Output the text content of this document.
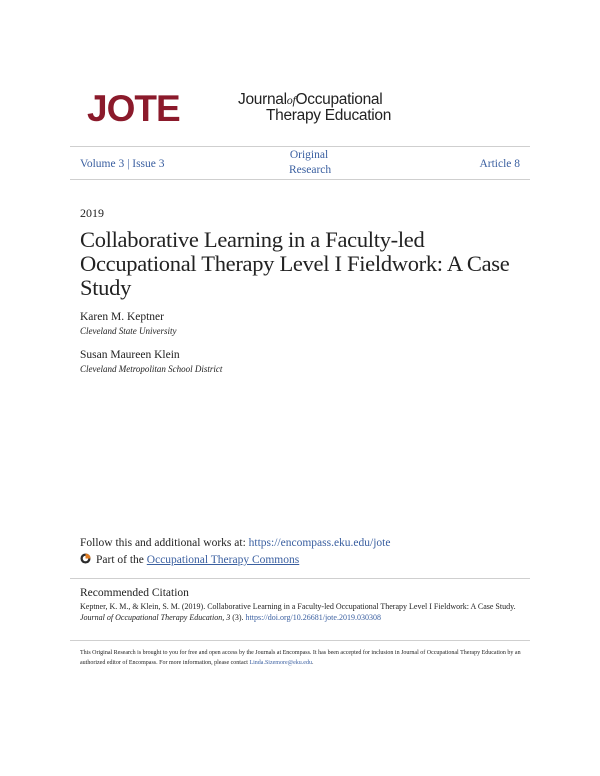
JOTE	JournalofOccupational
Therapy Education
Volume 3 | Issue 3
Original
Research	Article 8
2019
Collaborative Learning in a Faculty-led Occupational Therapy Level I Fieldwork: A Case Study
Karen M. Keptner
Cleveland State University
Susan Maureen Klein
Cleveland Metropolitan School District
Follow this and additional works at: https://encompass.eku.edu/jote
Part of the Occupational Therapy Commons
Recommended Citation
Keptner, K. M., & Klein, S. M. (2019). Collaborative Learning in a Faculty-led Occupational Therapy Level I Fieldwork: A Case Study.
Journal of Occupational Therapy Education, 3 (3). https://doi.org/10.26681/jote.2019.030308
This Original Research is brought to you for free and open access by the Journals at Encompass. It has been accepted for inclusion in Journal of Occupational Therapy Education by an authorized editor of Encompass. For more information, please contact Linda.Sizemore@eku.edu.
